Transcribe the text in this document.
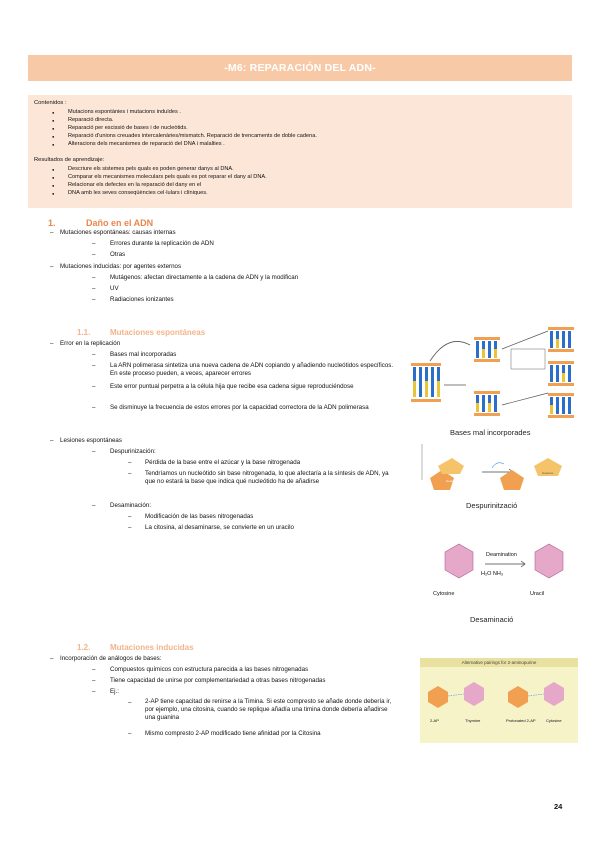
-M6: REPARACIÓN DEL ADN-
Contenidos :
● Mutacions espontànies i mutacions induïdes .
● Reparació directa.
● Reparació per escissió de bases i de nucleòtids.
● Reparació d'unions creuades intercalenàries/mismatch. Reparació de trencaments de doble cadena.
● Alteracions dels mecanismes de reparació del DNA i malalties .
Resultados de aprendizaje:
● Descriure els sistemes pels quals es poden generar danys al DNA.
● Comparar els mecanismes moleculars pels quals es pot reparar el dany al DNA.
● Relacionar els defectes en la reparació del dany en el
● DNA amb les seves conseqüències cel·lulars i clíniques.
1.	Daño en el ADN
– Mutaciones espontáneas: causas internas
– Errores durante la replicación de ADN
– Otras
– Mutaciones inducidas: por agentes externos
– Mutágenos: afectan directamente a la cadena de ADN y la modifican
– UV
– Radiaciones ionizantes
1.1. Mutaciones espontáneas
– Error en la replicación
– Bases mal incorporadas
– La ARN polimerasa sintetiza una nueva cadena de ADN copiando y añadiendo nucleótidos específicos. En este proceso pueden, a veces, aparecer errores
– Este error puntual perpetra a la célula hija que recibe esa cadena sigue reproduciéndose
– Se disminuye la frecuencia de estos errores por la capacidad correctora de la ADN polimerasa
– Lesiones espontáneas
– Despurinización:
– Pérdida de la base entre el azúcar y la base nitrogenada
– Tendríamos un nucleótido sin base nitrogenada, lo que afectaría a la síntesis de ADN, ya que no estará la base que indica qué nucleótido ha de añadirse
– Desaminación:
– Modificación de las bases nitrogenadas
– La citosina, al desaminarse, se convierte en un uracilo
1.2. Mutaciones inducidas
– Incorporación de análogos de bases:
– Compuestos químicos con estructura parecida a las bases nitrogenadas
– Tiene capacidad de unirse por complementariedad a otras bases nitrogenadas
– Ej.:
– 2-AP tiene capacitad de renirse a la Timina. Si este compresto se añade donde debería ir, por ejemplo, una citosina, cuando se replique añadía una timina donde debería añadirse una guanina
– Mismo compresto 2-AP modificado tiene afinidad por la Citosina
Bases mal incorporades
Guanine
Guanine
Despurinització
Deamination
H₂O NH₃
Cytosine	Uracil
Desaminació
Alternative pairings for 2-aminopurine
2-AP	Thymine	Protonated 2-AP	Cytosine
24
